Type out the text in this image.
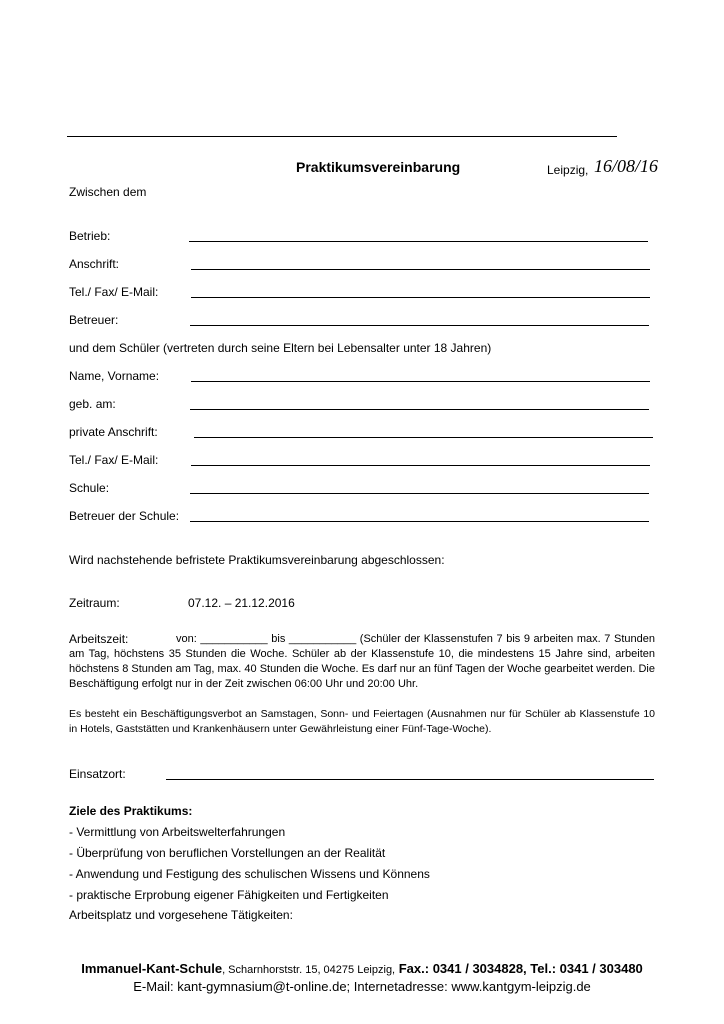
Praktikumsvereinbarung	Leipzig, 16/08/16
Zwischen dem
Betrieb:
Anschrift:
Tel./ Fax/ E-Mail:
Betreuer:
und dem Schüler (vertreten durch seine Eltern bei Lebensalter unter 18 Jahren)
Name, Vorname:
geb. am:
private Anschrift:
Tel./ Fax/ E-Mail:
Schule:
Betreuer der Schule:
Wird nachstehende befristete Praktikumsvereinbarung abgeschlossen:
Zeitraum:	07.12. – 21.12.2016
Arbeitszeit:	von: ___________ bis ___________ (Schüler der Klassenstufen 7 bis 9 arbeiten max. 7 Stunden am Tag, höchstens 35 Stunden die Woche. Schüler ab der Klassenstufe 10, die mindestens 15 Jahre sind, arbeiten höchstens 8 Stunden am Tag, max. 40 Stunden die Woche. Es darf nur an fünf Tagen der Woche gearbeitet werden. Die Beschäftigung erfolgt nur in der Zeit zwischen 06:00 Uhr und 20:00 Uhr.
Es besteht ein Beschäftigungsverbot an Samstagen, Sonn- und Feiertagen (Ausnahmen nur für Schüler ab Klassenstufe 10 in Hotels, Gaststätten und Krankenhäusern unter Gewährleistung einer Fünf-Tage-Woche).
Einsatzort:
Ziele des Praktikums:
- Vermittlung von Arbeitswelterfahrungen
- Überprüfung von beruflichen Vorstellungen an der Realität
- Anwendung und Festigung des schulischen Wissens und Könnens
- praktische Erprobung eigener Fähigkeiten und Fertigkeiten
Arbeitsplatz und vorgesehene Tätigkeiten:
Immanuel-Kant-Schule, Scharnhorststr. 15, 04275 Leipzig, Fax.: 0341 / 3034828, Tel.: 0341 / 303480
E-Mail: kant-gymnasium@t-online.de; Internetadresse: www.kantgym-leipzig.de
